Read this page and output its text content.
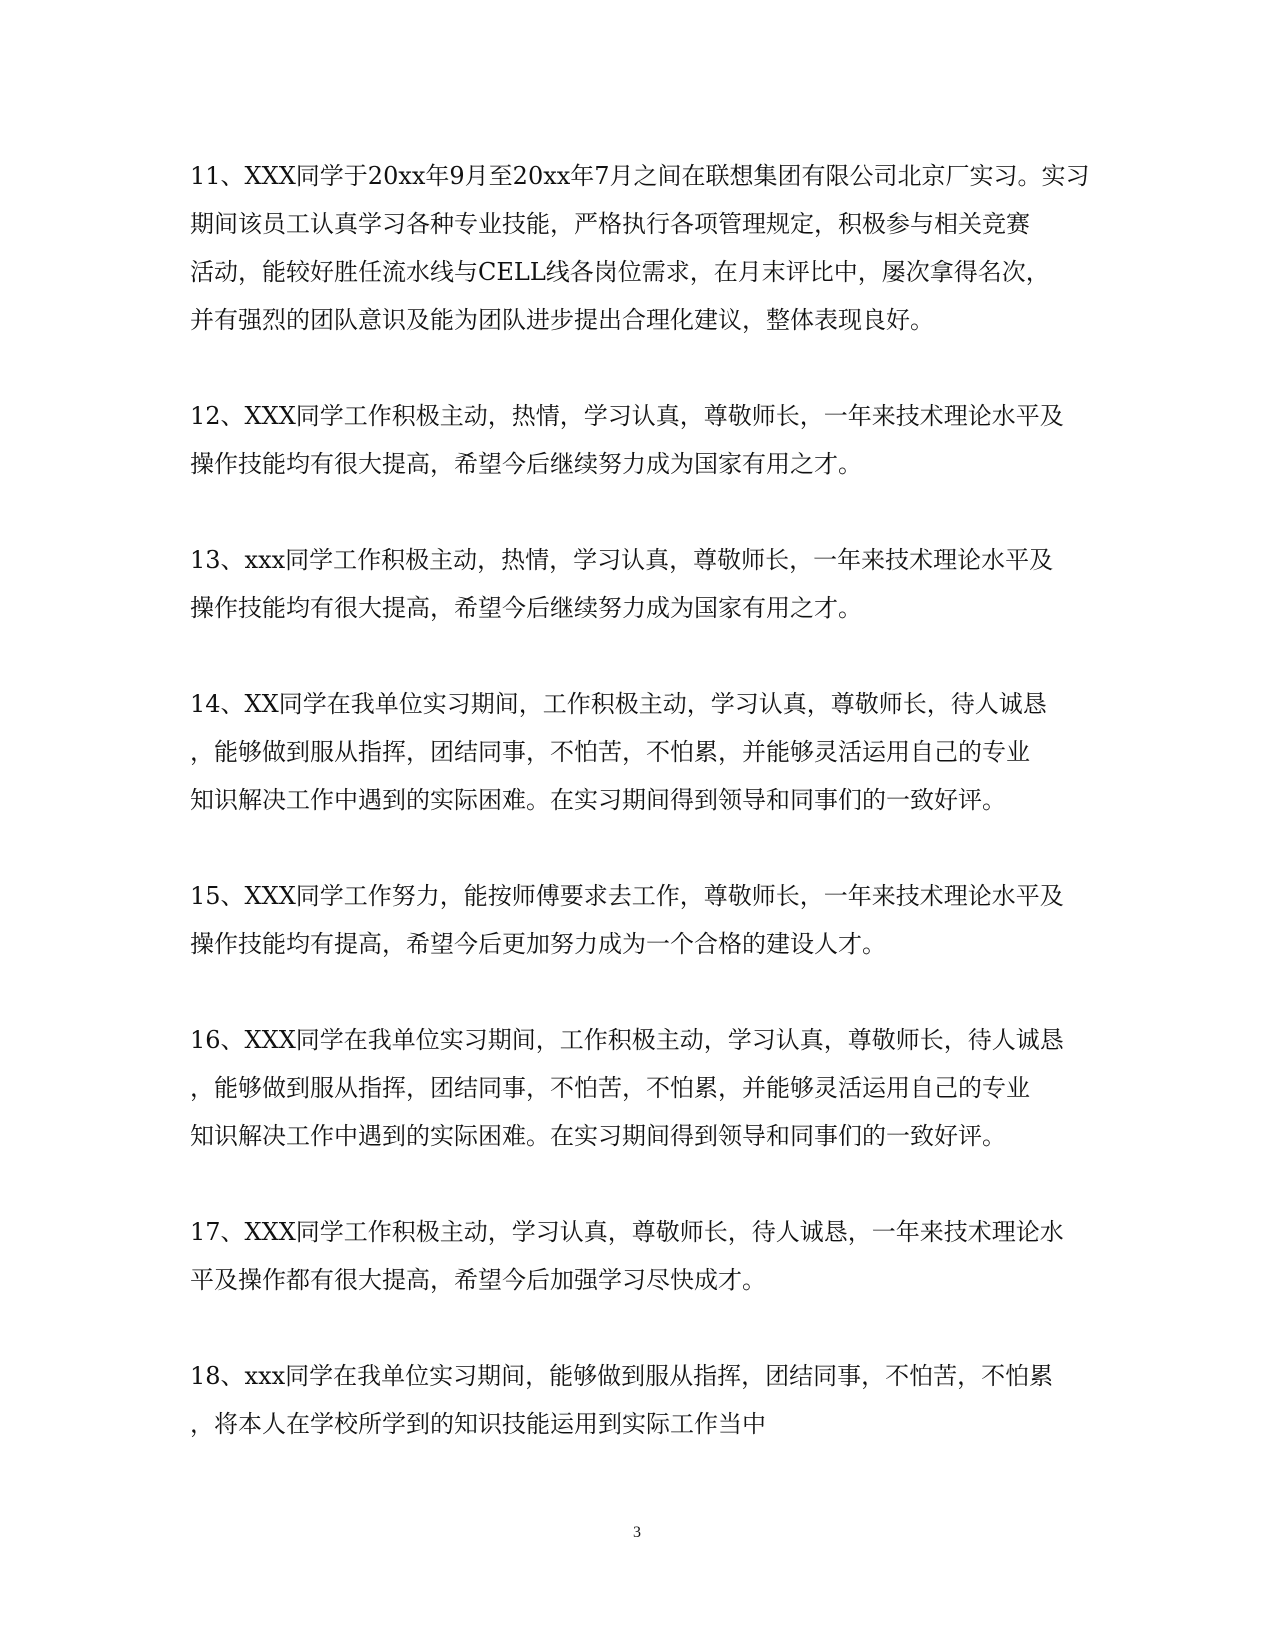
11、XXX同学于20xx年9月至20xx年7月之间在联想集团有限公司北京厂实习。实习
期间该员工认真学习各种专业技能，严格执行各项管理规定，积极参与相关竞赛
活动，能较好胜任流水线与CELL线各岗位需求，在月末评比中，屡次拿得名次，
并有强烈的团队意识及能为团队进步提出合理化建议，整体表现良好。

12、XXX同学工作积极主动，热情，学习认真，尊敬师长，一年来技术理论水平及
操作技能均有很大提高，希望今后继续努力成为国家有用之才。

13、xxx同学工作积极主动，热情，学习认真，尊敬师长，一年来技术理论水平及
操作技能均有很大提高，希望今后继续努力成为国家有用之才。

14、XX同学在我单位实习期间，工作积极主动，学习认真，尊敬师长，待人诚恳
，能够做到服从指挥，团结同事，不怕苦，不怕累，并能够灵活运用自己的专业
知识解决工作中遇到的实际困难。在实习期间得到领导和同事们的一致好评。

15、XXX同学工作努力，能按师傅要求去工作，尊敬师长，一年来技术理论水平及
操作技能均有提高，希望今后更加努力成为一个合格的建设人才。

16、XXX同学在我单位实习期间，工作积极主动，学习认真，尊敬师长，待人诚恳
，能够做到服从指挥，团结同事，不怕苦，不怕累，并能够灵活运用自己的专业
知识解决工作中遇到的实际困难。在实习期间得到领导和同事们的一致好评。

17、XXX同学工作积极主动，学习认真，尊敬师长，待人诚恳，一年来技术理论水
平及操作都有很大提高，希望今后加强学习尽快成才。

18、xxx同学在我单位实习期间，能够做到服从指挥，团结同事，不怕苦，不怕累
，将本人在学校所学到的知识技能运用到实际工作当中

3
